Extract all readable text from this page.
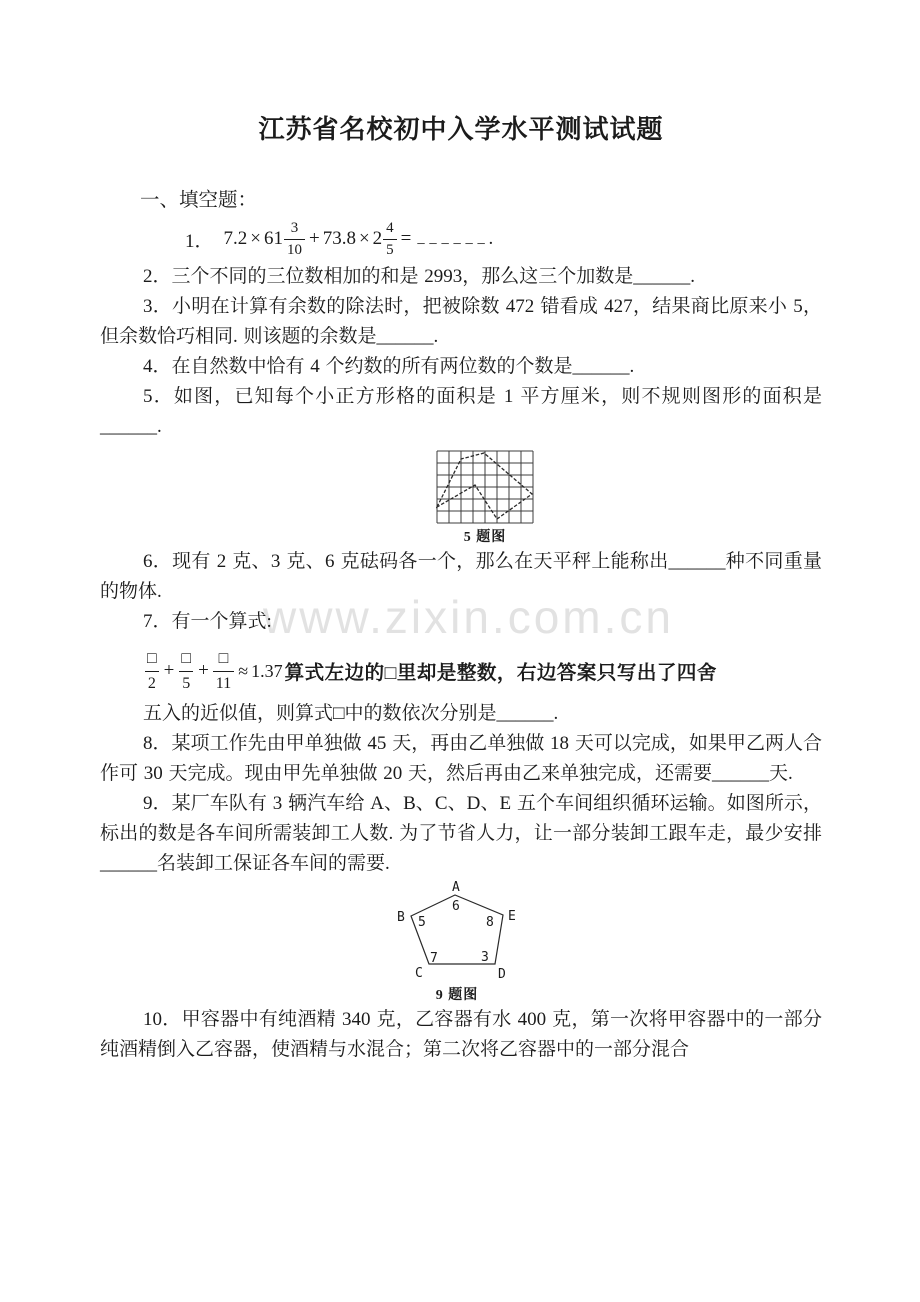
www.zixin.com.cn
江苏省名校初中入学水平测试试题
一、填空题：
1． $7.2 \times 61 \frac{3}{10} + 73.8 \times 2 \frac{4}{5}$ = −−−−−− .

2．三个不同的三位数相加的和是 2993，那么这三个加数是______.

3．小明在计算有余数的除法时，把被除数 472 错看成 427，结果商比原来小 5，但余数恰巧相同. 则该题的余数是______.

4．在自然数中恰有 4 个约数的所有两位数的个数是______.

5．如图，已知每个小正方形格的面积是 1 平方厘米，则不规则图形的面积是______.

5 题图

6．现有 2 克、3 克、6 克砝码各一个，那么在天平秤上能称出______种不同重量的物体.

7．有一个算式:

$\frac{□}{2} + \frac{□}{5} + \frac{□}{11} \approx 1.37$ 算式左边的□里却是整数，右边答案只写出了四舍

五入的近似值，则算式□中的数依次分别是______.

8．某项工作先由甲单独做 45 天，再由乙单独做 18 天可以完成，如果甲乙两人合作可 30 天完成。现由甲先单独做 20 天，然后再由乙来单独完成，还需要______天.

9．某厂车队有 3 辆汽车给 A、B、C、D、E 五个车间组织循环运输。如图所示，标出的数是各车间所需装卸工人数. 为了节省人力，让一部分装卸工跟车走，最少安排______名装卸工保证各车间的需要.

A
B
C	D
E
6
5
7	3
8
9 题图

10．甲容器中有纯酒精 340 克，乙容器有水 400 克，第一次将甲容器中的一部分纯酒精倒入乙容器，使酒精与水混合；第二次将乙容器中的一部分混合
